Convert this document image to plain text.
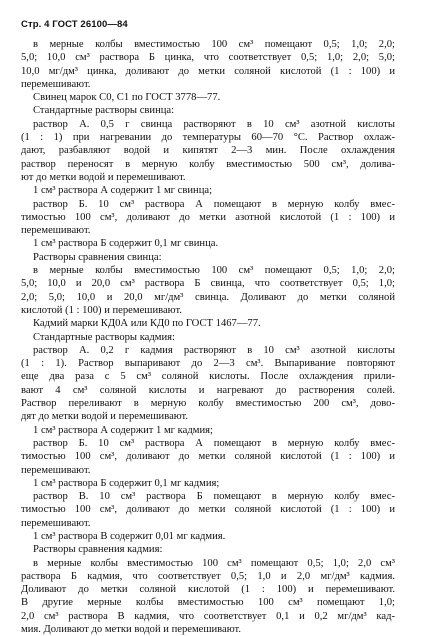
Стр. 4 ГОСТ 26100—84
в мерные колбы вместимостью 100 см³ помещают 0,5; 1,0; 2,0;
5,0; 10,0 см³ раствора Б цинка, что соответствует 0,5; 1,0; 2,0; 5,0;
10,0 мг/дм³ цинка, доливают до метки соляной кислотой (1 : 100) и
перемешивают.
Свинец марок С0, С1 по ГОСТ 3778—77.
Стандартные растворы свинца:
раствор А. 0,5 г свинца растворяют в 10 см³ азотной кислоты
(1 : 1) при нагревании до температуры 60—70 °С. Раствор охлаж-
дают, разбавляют водой и кипятят 2—3 мин. После охлаждения
раствор переносят в мерную колбу вместимостью 500 см³, долива-
ют до метки водой и перемешивают.
1 см³ раствора А содержит 1 мг свинца;
раствор Б. 10 см³ раствора А помещают в мерную колбу вмес-
тимостью 100 см³, доливают до метки азотной кислотой (1 : 100) и
перемешивают.
1 см³ раствора Б содержит 0,1 мг свинца.
Растворы сравнения свинца:
в мерные колбы вместимостью 100 см³ помещают 0,5; 1,0; 2,0;
5,0; 10,0 и 20,0 см³ раствора Б свинца, что соответствует 0,5; 1,0;
2,0; 5,0; 10,0 и 20,0 мг/дм³ свинца. Доливают до метки соляной
кислотой (1 : 100) и перемешивают.
Кадмий марки КД0А или КД0 по ГОСТ 1467—77.
Стандартные растворы кадмия:
раствор А. 0,2 г кадмия растворяют в 10 см³ азотной кислоты
(1 : 1). Раствор выпаривают до 2—3 см³. Выпаривание повторяют
еще два раза с 5 см³ соляной кислоты. После охлаждения прили-
вают 4 см³ соляной кислоты и нагревают до растворения солей.
Раствор переливают в мерную колбу вместимостью 200 см³, дово-
дят до метки водой и перемешивают.
1 см³ раствора А содержит 1 мг кадмия;
раствор Б. 10 см³ раствора А помещают в мерную колбу вмес-
тимостью 100 см³, доливают до метки соляной кислотой (1 : 100) и
перемешивают.
1 см³ раствора Б содержит 0,1 мг кадмия;
раствор В. 10 см³ раствора Б помещают в мерную колбу вмес-
тимостью 100 см³, доливают до метки соляной кислотой (1 : 100) и
перемешивают.
1 см³ раствора В содержит 0,01 мг кадмия.
Растворы сравнения кадмия:
в мерные колбы вместимостью 100 см³ помещают 0,5; 1,0; 2,0 см³
раствора Б кадмия, что соответствует 0,5; 1,0 и 2,0 мг/дм³ кадмия.
Доливают до метки соляной кислотой (1 : 100) и перемешивают.
В другие мерные колбы вместимостью 100 см³ помещают 1,0;
2,0 см³ раствора В кадмия, что соответствует 0,1 и 0,2 мг/дм³ кад-
мия. Доливают до метки водой и перемешивают.
